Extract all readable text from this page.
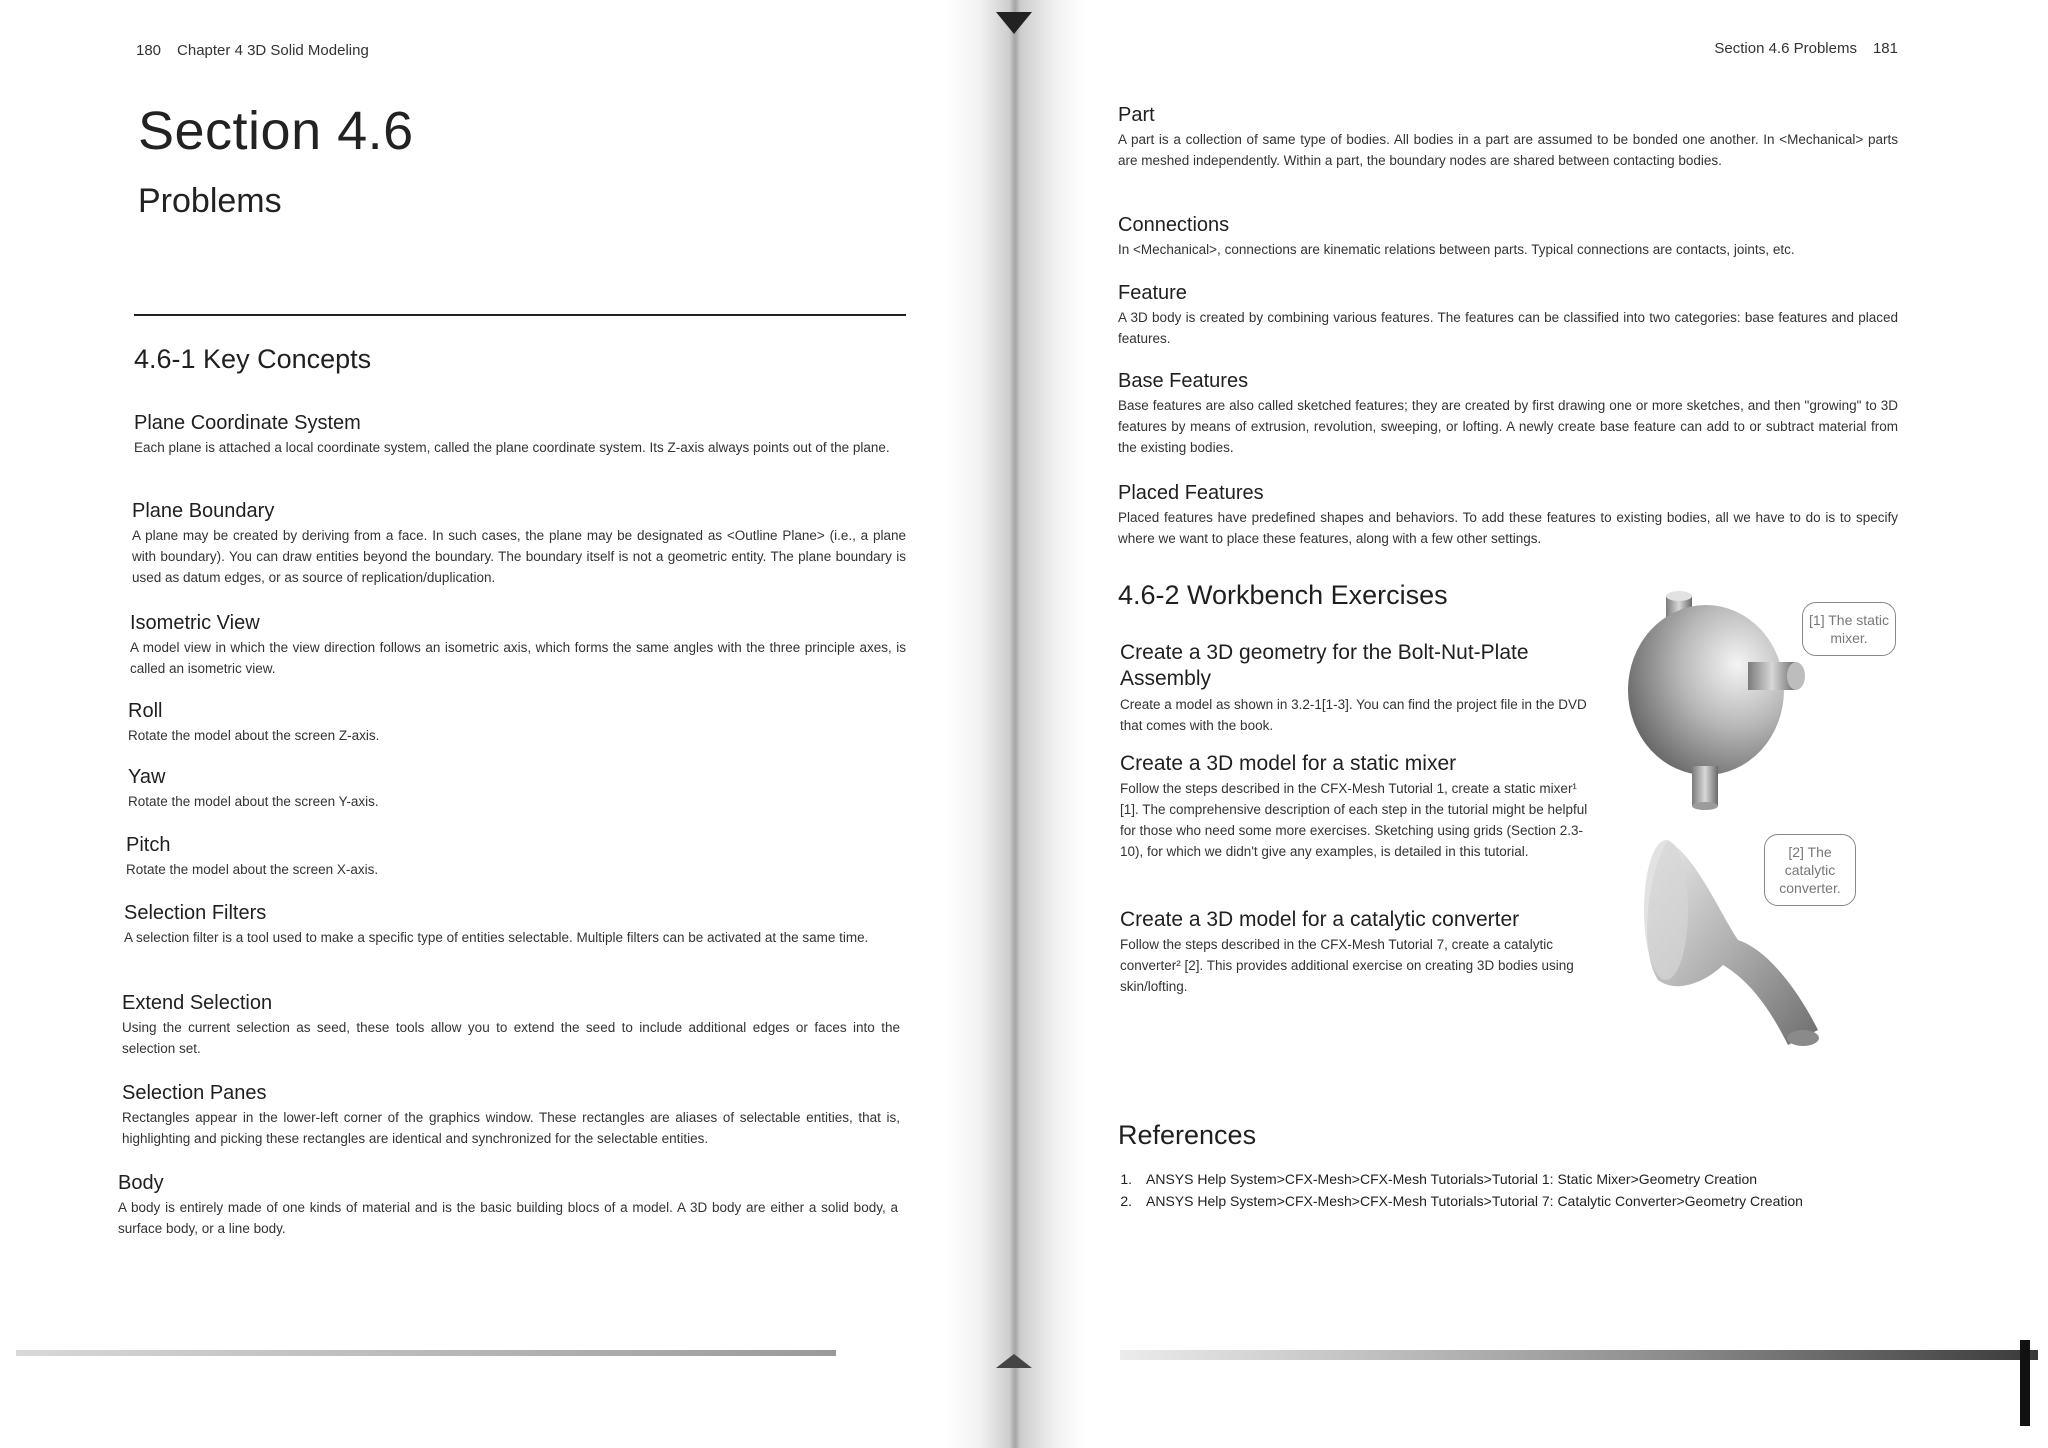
180 Chapter 4 3D Solid Modeling
Section 4.6
Problems
4.6-1 Key Concepts
Plane Coordinate System

Each plane is attached a local coordinate system, called the plane coordinate system. Its Z-axis always points out of the plane.

Plane Boundary

A plane may be created by deriving from a face. In such cases, the plane may be designated as <Outline Plane> (i.e., a plane with boundary). You can draw entities beyond the boundary. The boundary itself is not a geometric entity. The plane boundary is used as datum edges, or as source of replication/duplication.

Isometric View

A model view in which the view direction follows an isometric axis, which forms the same angles with the three principle axes, is called an isometric view.

Roll

Rotate the model about the screen Z-axis.

Yaw

Rotate the model about the screen Y-axis.

Pitch

Rotate the model about the screen X-axis.

Selection Filters

A selection filter is a tool used to make a specific type of entities selectable. Multiple filters can be activated at the same time.

Extend Selection

Using the current selection as seed, these tools allow you to extend the seed to include additional edges or faces into the selection set.

Selection Panes

Rectangles appear in the lower-left corner of the graphics window. These rectangles are aliases of selectable entities, that is, highlighting and picking these rectangles are identical and synchronized for the selectable entities.

Body

A body is entirely made of one kinds of material and is the basic building blocs of a model. A 3D body are either a solid body, a surface body, or a line body.

Section 4.6 Problems 181
Part

A part is a collection of same type of bodies. All bodies in a part are assumed to be bonded one another. In <Mechanical> parts are meshed independently. Within a part, the boundary nodes are shared between contacting bodies.

Connections

In <Mechanical>, connections are kinematic relations between parts. Typical connections are contacts, joints, etc.

Feature

A 3D body is created by combining various features. The features can be classified into two categories: base features and placed features.

Base Features

Base features are also called sketched features; they are created by first drawing one or more sketches, and then "growing" to 3D features by means of extrusion, revolution, sweeping, or lofting. A newly create base feature can add to or subtract material from the existing bodies.

Placed Features

Placed features have predefined shapes and behaviors. To add these features to existing bodies, all we have to do is to specify where we want to place these features, along with a few other settings.

4.6-2 Workbench Exercises
Create a 3D geometry for the Bolt-Nut-Plate Assembly

Create a model as shown in 3.2-1[1-3]. You can find the project file in the DVD that comes with the book.

Create a 3D model for a static mixer

Follow the steps described in the CFX-Mesh Tutorial 1, create a static mixer¹ [1]. The comprehensive description of each step in the tutorial might be helpful for those who need some more exercises. Sketching using grids (Section 2.3-10), for which we didn't give any examples, is detailed in this tutorial.

Create a 3D model for a catalytic converter

Follow the steps described in the CFX-Mesh Tutorial 7, create a catalytic converter² [2]. This provides additional exercise on creating 3D bodies using skin/lofting.

[1] The static mixer.
[2] The catalytic converter.
References
1. ANSYS Help System>CFX-Mesh>CFX-Mesh Tutorials>Tutorial 1: Static Mixer>Geometry Creation
2. ANSYS Help System>CFX-Mesh>CFX-Mesh Tutorials>Tutorial 7: Catalytic Converter>Geometry Creation
